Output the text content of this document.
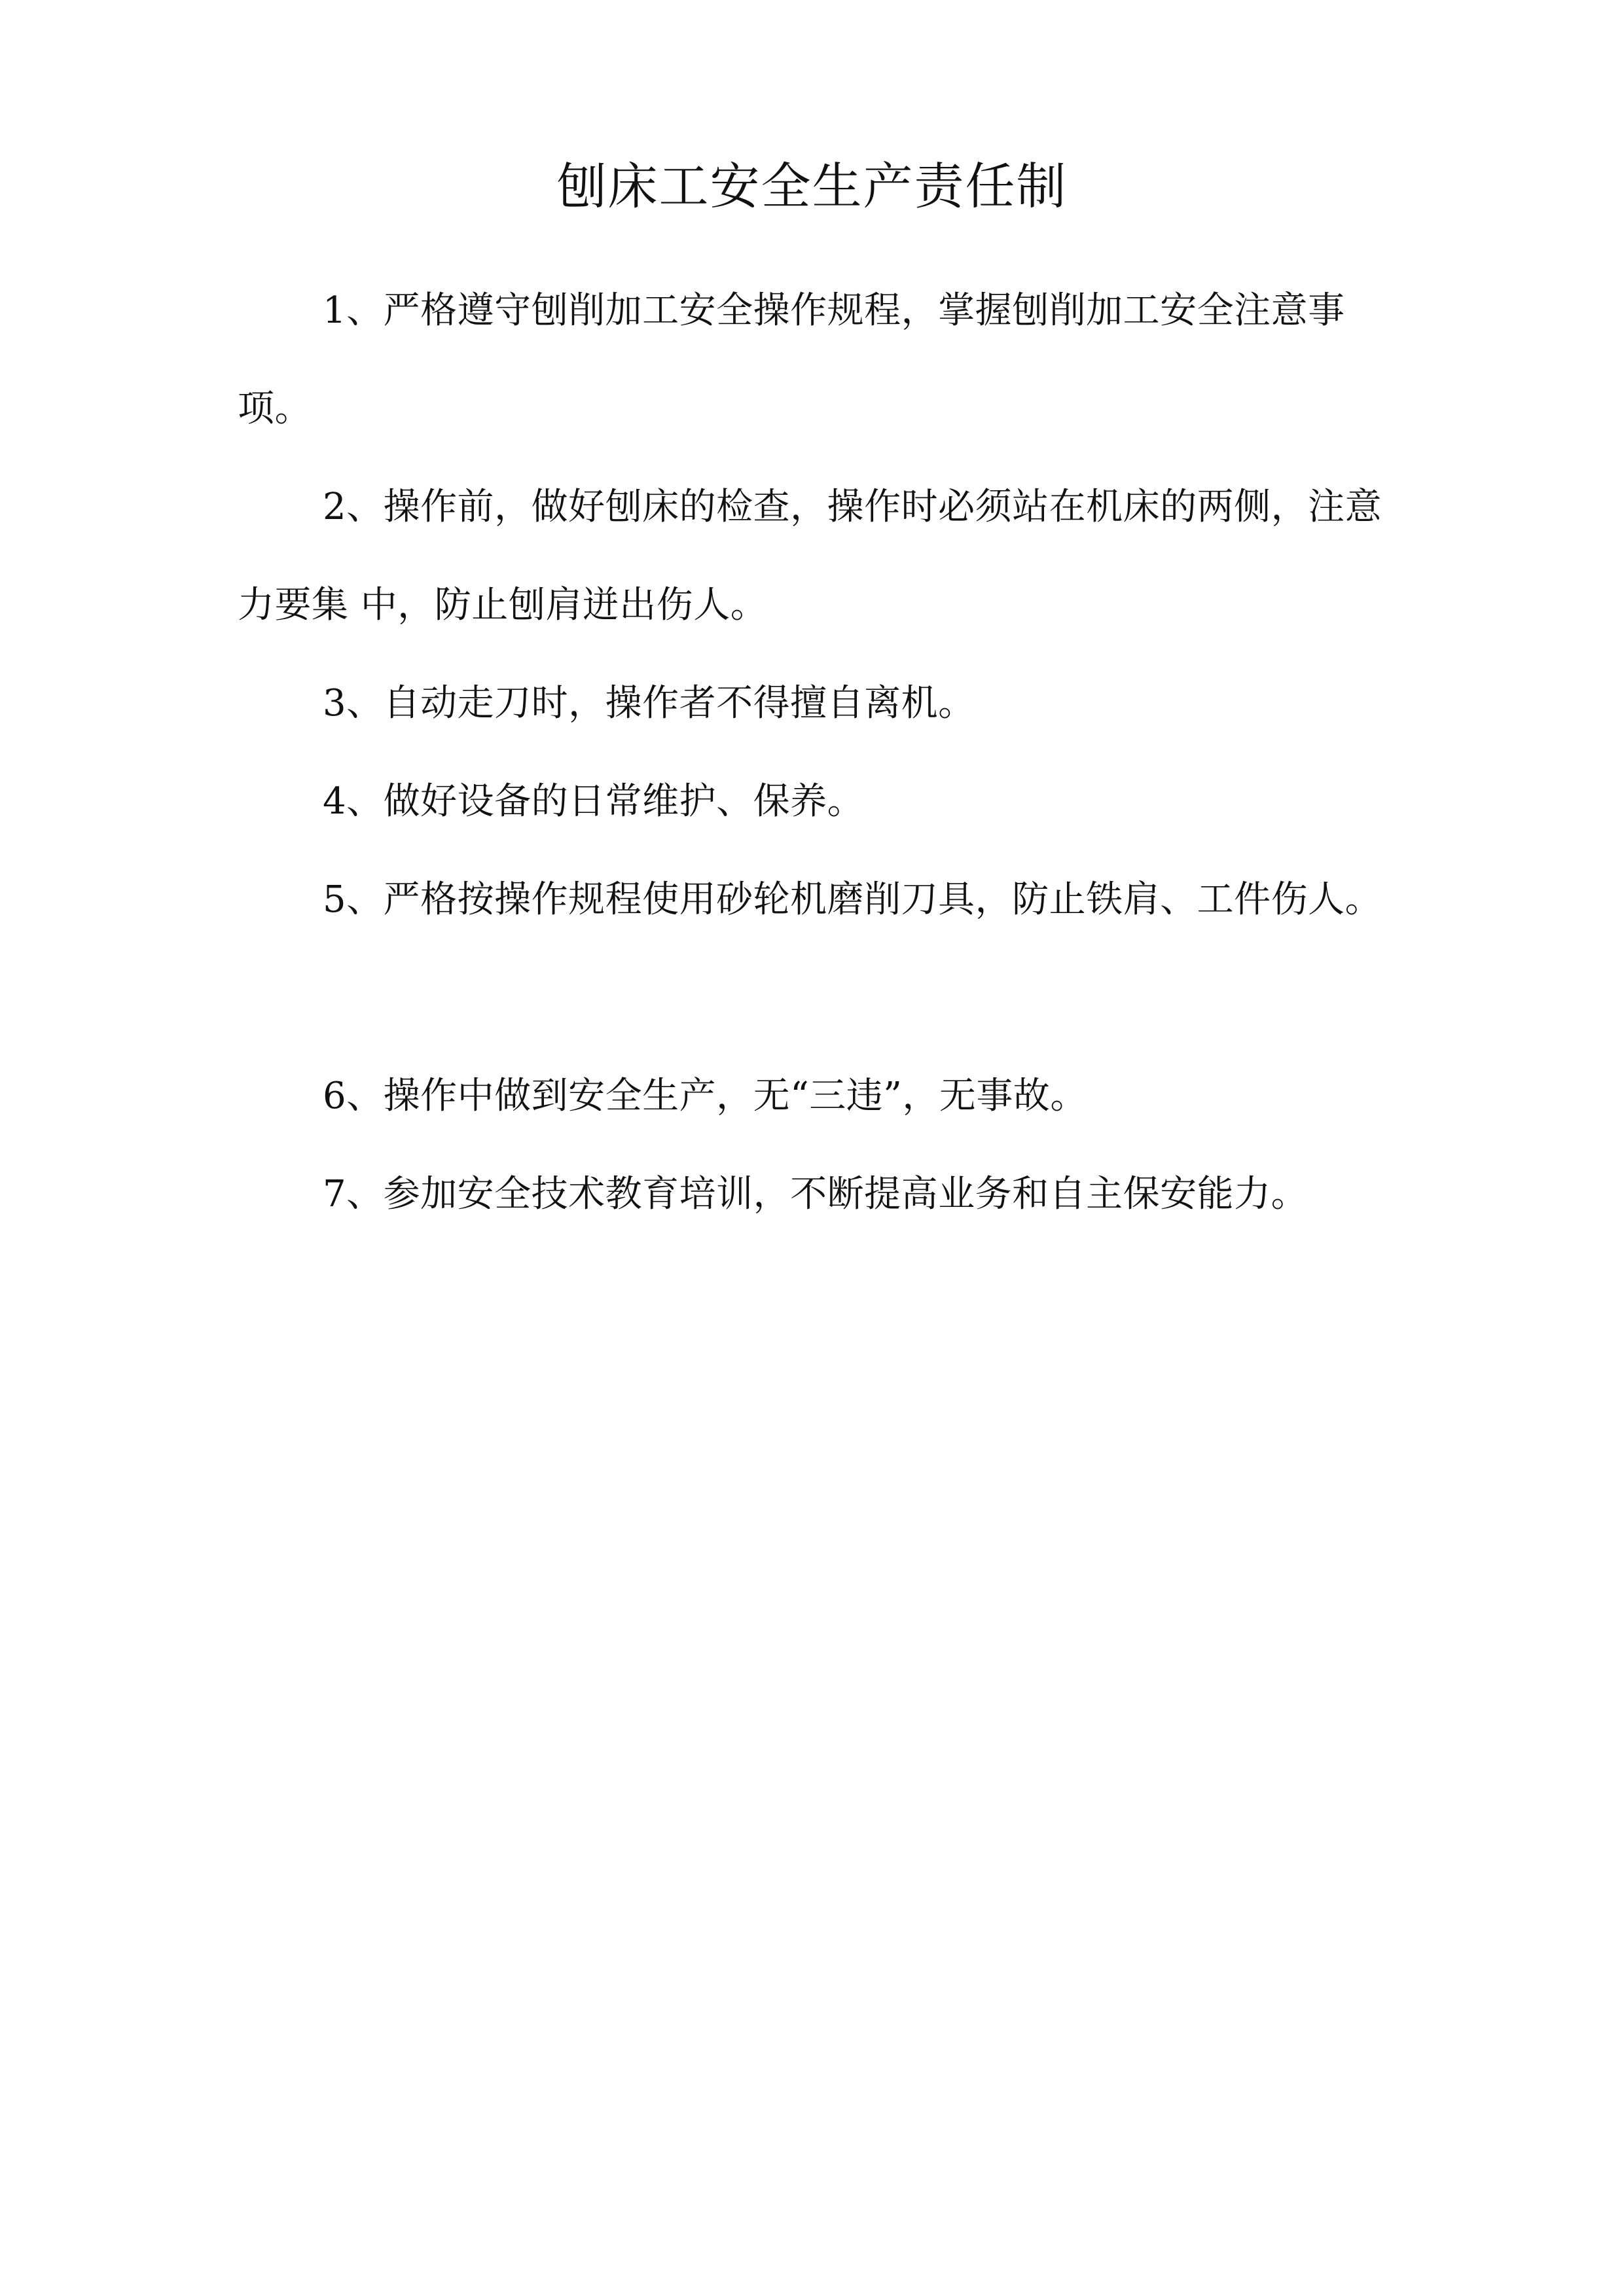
刨床工安全生产责任制

1、严格遵守刨削加工安全操作规程，掌握刨削加工安全注意事项。

2、操作前，做好刨床的检查，操作时必须站在机床的两侧，注意力要集 中，防止刨肩迸出伤人。

3、自动走刀时，操作者不得擅自离机。

4、做好设备的日常维护、保养。

5、严格按操作规程使用砂轮机磨削刀具，防止铁肩、工件伤人。

6、操作中做到安全生产，无“三违”，无事故。

7、参加安全技术教育培训，不断提高业务和自主保安能力。
